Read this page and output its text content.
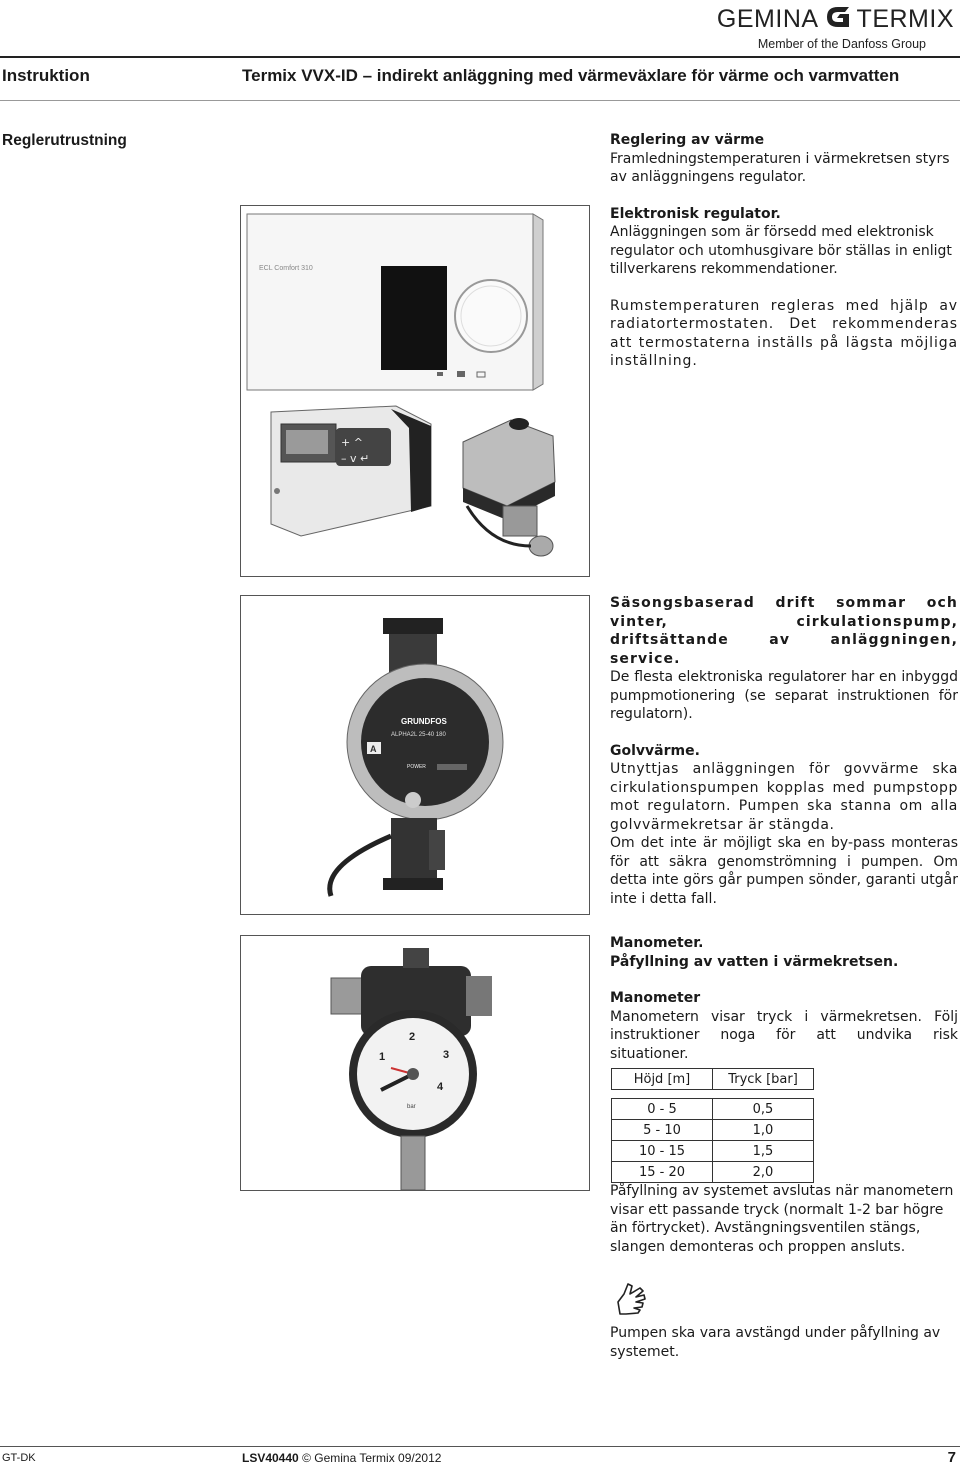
GEMINA TERMIX
Member of the Danfoss Group
Instruktion	Termix VVX-ID – indirekt anläggning med värmeväxlare för värme och varmvatten
Reglerutrustning	Reglering av värme

Framledningstemperaturen i värmekretsen styrs av anläggningens regulator.

Elektronisk regulator.

Anläggningen som är försedd med elektronisk regulator och utomhusgivare bör ställas in enligt tillverkarens rekommendationer.

Rumstemperaturen regleras med hjälp av radiatortermostaten. Det rekommenderas att termostaterna inställs på lägsta möjliga inställning.

ECL Comfort 310
+ ^
– v ↵
GRUNDFOS
ALPHA2L 25-40 180
A
POWER
1
2
3
4
bar

Säsongsbaserad drift sommar och vinter, cirkulationspump, driftsättande av anläggningen, service.

De flesta elektroniska regulatorer har en inbyggd pumpmotionering (se separat instruktionen för regulatorn).

Golvvärme.

Utnyttjas anläggningen för govvärme ska cirkulationspumpen kopplas med pumpstopp mot regulatorn. Pumpen ska stanna om alla golvvärmekretsar är stängda.

Om det inte är möjligt ska en by-pass monteras för att säkra genomströmning i pumpen. Om detta inte görs går pumpen sönder, garanti utgår inte i detta fall.

Manometer.

Påfyllning av vatten i värmekretsen.

Manometer

Manometern visar tryck i värmekretsen. Följ instruktioner noga för att undvika risk situationer.

Höjd [m]	Tryck [bar]

0 - 5	0,5
5 - 10	1,0
10 - 15	1,5
15 - 20	2,0

Påfyllning av systemet avslutas när manometern visar ett passande tryck (normalt 1-2 bar högre än förtrycket). Avstängningsventilen stängs, slangen demonteras och proppen ansluts.

Pumpen ska vara avstängd under påfyllning av systemet.

GT-DK	LSV40440 © Gemina Termix 09/2012	7
